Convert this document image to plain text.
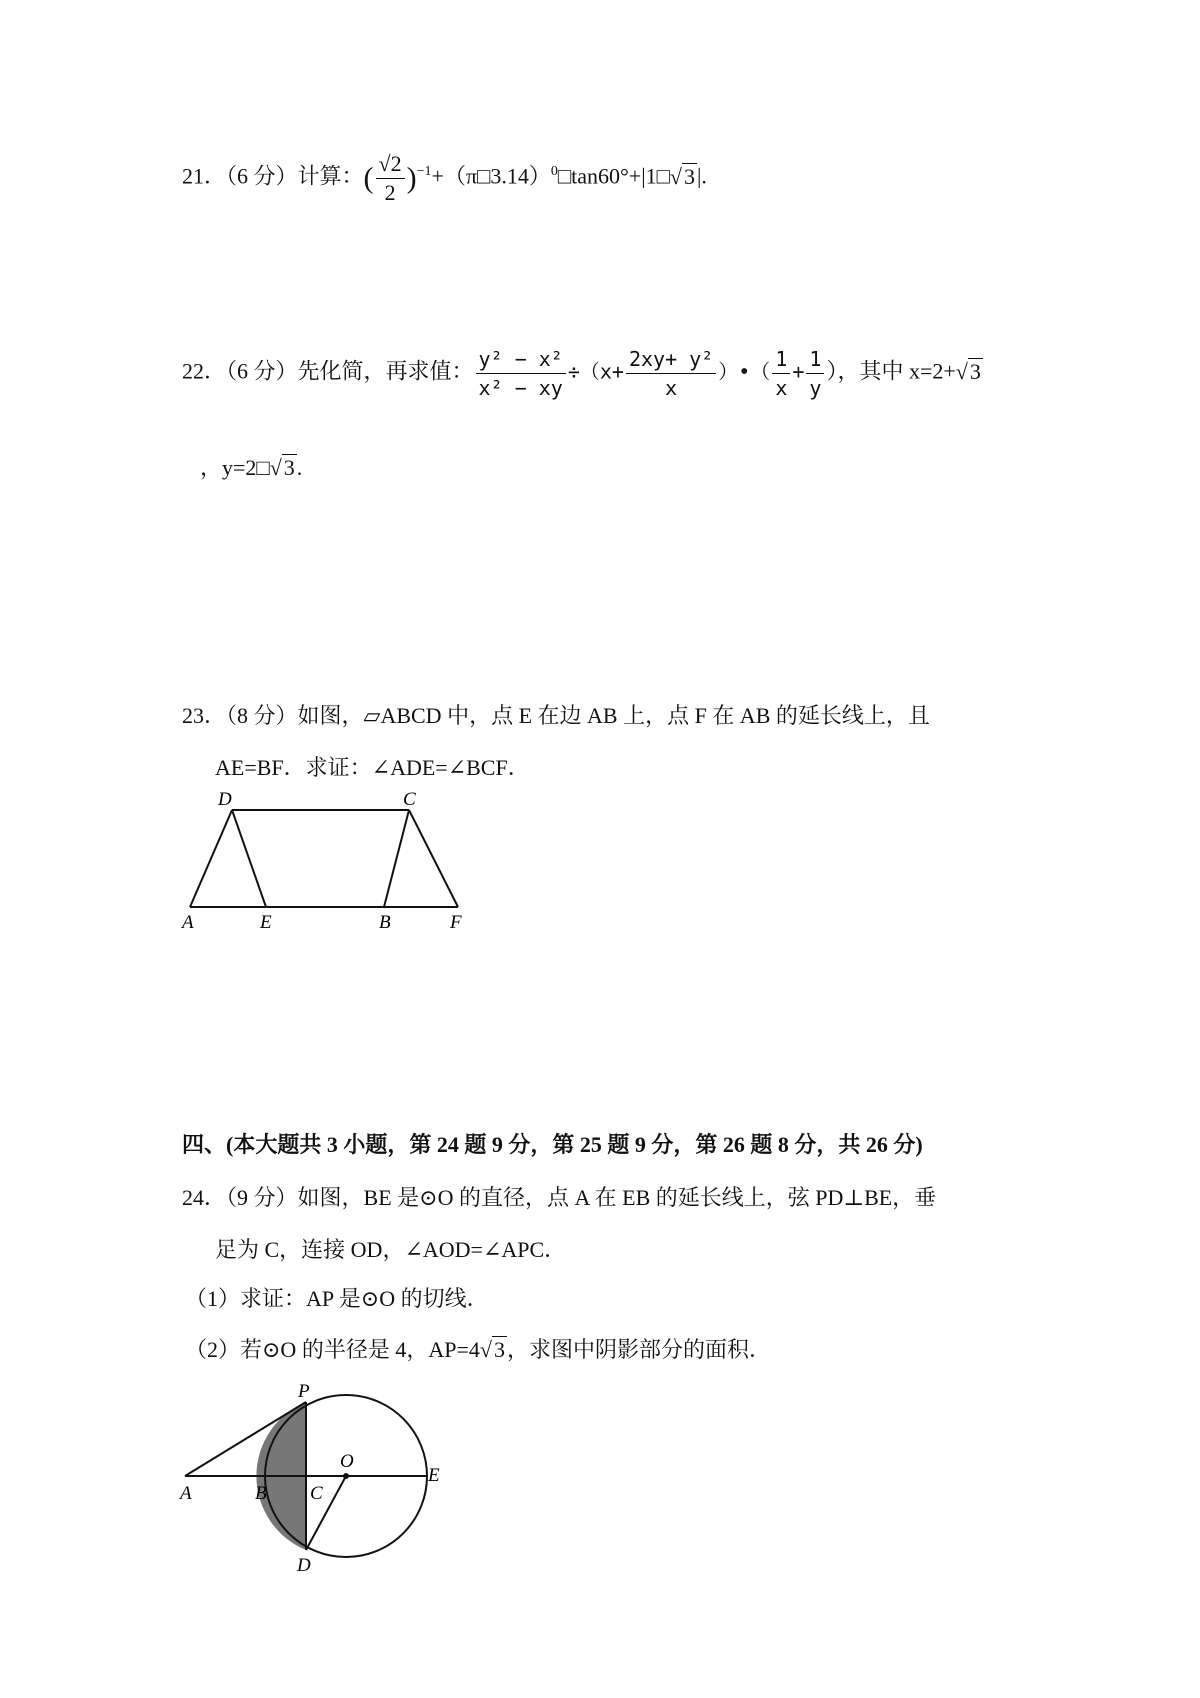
21．（6 分）计算：( $\frac{√2}{2}$ )$^{-1}$+（π□3.14）$^0$□tan60°+|1□√3|.
22．（6 分）先化简，再求值： $\frac{\text{y² − x²}}{\text{x² − xy}} \div(x+ \frac{\text{2xy+ y²}}{x}$ ）•（ $\frac{1}{x} + \frac{1}{y}$ ），其中 x=2+√3
，y=2□√3.
23．（8 分）如图，▱ABCD 中，点 E 在边 AB 上，点 F 在 AB 的延长线上，且
AE=BF．求证：∠ADE=∠BCF．
D	C
A	E	B	F
四、(本大题共 3 小题，第 24 题 9 分，第 25 题 9 分，第 26 题 8 分，共 26 分)
24．（9 分）如图，BE 是⊙O 的直径，点 A 在 EB 的延长线上，弦 PD⊥BE，垂
足为 C，连接 OD，∠AOD=∠APC．
（1）求证：AP 是⊙O 的切线．
（2）若⊙O 的半径是 4，AP=4√3，求图中阴影部分的面积．
P
O
A	B C
E
D
